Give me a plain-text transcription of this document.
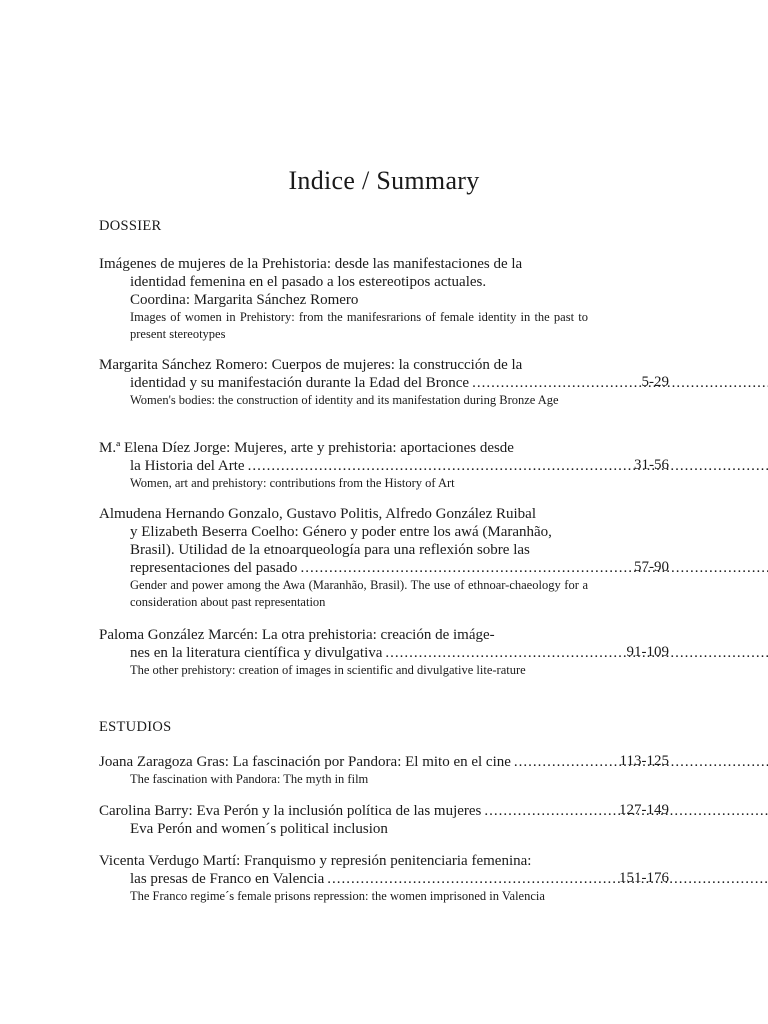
Indice / Summary
DOSSIER
Imágenes de mujeres de la Prehistoria: desde las manifestaciones de la
identidad femenina en el pasado a los estereotipos actuales.
Coordina: Margarita Sánchez Romero

Images of women in Prehistory: from the manifesrarions of female identity in the past to present stereotypes

Margarita Sánchez Romero: Cuerpos de mujeres: la construcción de la
identidad y su manifestación durante la Edad del Bronce .....

Women's bodies: the construction of identity and its manifestation during Bronze Age

5-29
M.ª Elena Díez Jorge: Mujeres, arte y prehistoria: aportaciones desde
la Historia del Arte .....

Women, art and prehistory: contributions from the History of Art

31-56
Almudena Hernando Gonzalo, Gustavo Politis, Alfredo González Ruibal
y Elizabeth Beserra Coelho: Género y poder entre los awá (Maranhão,
Brasil). Utilidad de la etnoarqueología para una reflexión sobre las
representaciones del pasado .....

Gender and power among the Awa (Maranhão, Brasil). The use of ethnoar-chaeology for a consideration about past representation

57-90
Paloma González Marcén: La otra prehistoria: creación de imáge-
nes en la literatura científica y divulgativa .....

The other prehistory: creation of images in scientific and divulgative lite-rature

91-109
ESTUDIOS
Joana Zaragoza Gras: La fascinación por Pandora: El mito en el cine .....

The fascination with Pandora: The myth in film

113-125
Carolina Barry: Eva Perón y la inclusión política de las mujeres .....
Eva Perón and women´s political inclusion
127-149
Vicenta Verdugo Martí: Franquismo y represión penitenciaria femenina:
las presas de Franco en Valencia .....

The Franco regime´s female prisons repression: the women imprisoned in Valencia

151-176
